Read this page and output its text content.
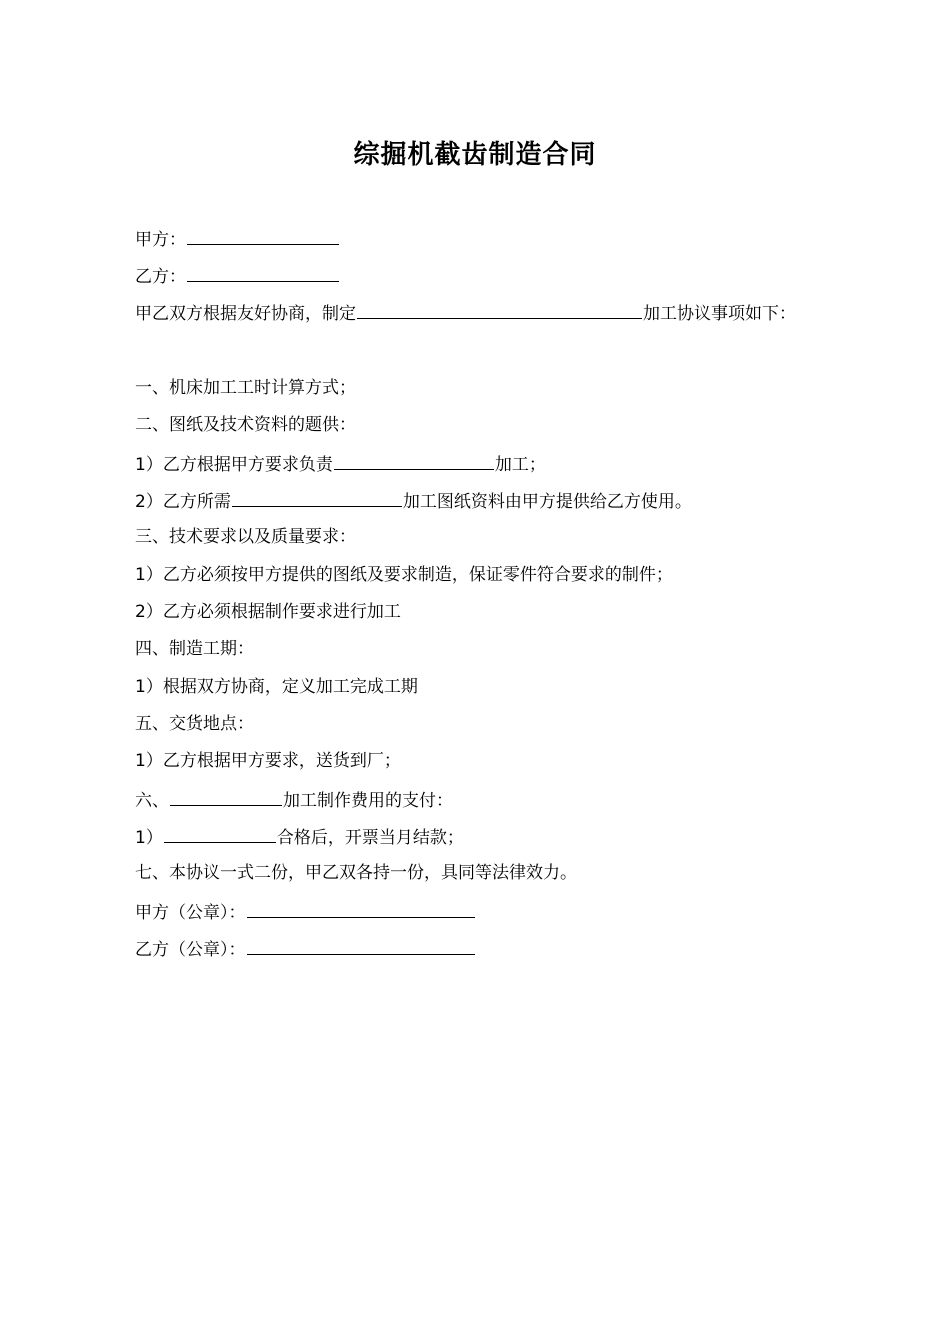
综掘机截齿制造合同
甲方：
乙方：
甲乙双方根据友好协商，制定	加工协议事项如下：
一、机床加工工时计算方式；
二、图纸及技术资料的题供：
1）乙方根据甲方要求负责	加工；
2）乙方所需	加工图纸资料由甲方提供给乙方使用。
三、技术要求以及质量要求：
1）乙方必须按甲方提供的图纸及要求制造，保证零件符合要求的制件；
2）乙方必须根据制作要求进行加工
四、制造工期：
1）根据双方协商，定义加工完成工期
五、交货地点：
1）乙方根据甲方要求，送货到厂；
六、	加工制作费用的支付：
1）	合格后，开票当月结款；
七、本协议一式二份，甲乙双各持一份，具同等法律效力。
甲方（公章）：
乙方（公章）：
